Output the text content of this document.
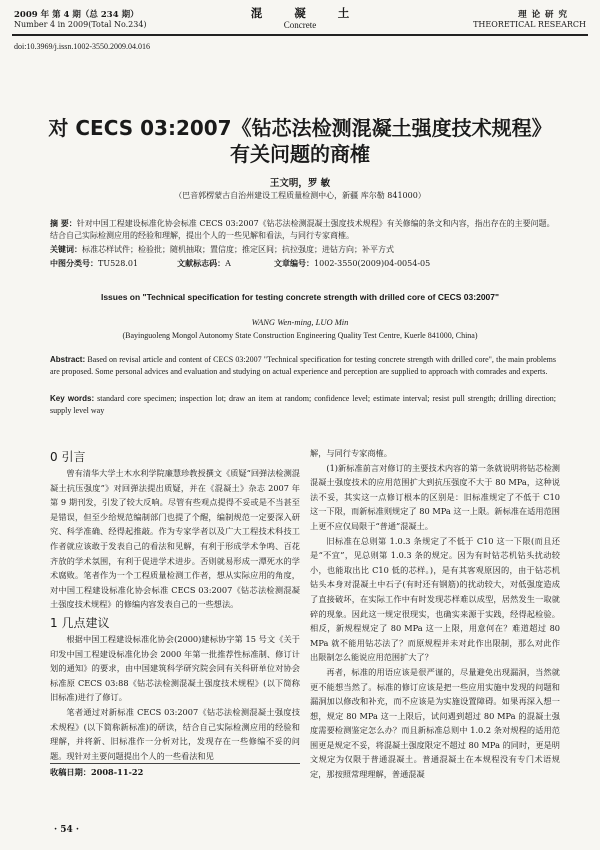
2009 年 第 4 期（总 234 期）
Number 4 in 2009(Total No.234)
混 凝 土
Concrete
理 论 研 究
THEORETICAL RESEARCH
doi:10.3969/j.issn.1002-3550.2009.04.016
对 CECS 03:2007《钻芯法检测混凝土强度技术规程》
有关问题的商榷
王文明，罗 敏
（巴音郭楞蒙古自治州建设工程质量检测中心，新疆 库尔勒 841000）
摘 要：针对中国工程建设标准化协会标准 CECS 03:2007《钻芯法检测混凝土强度技术规程》有关修编的条文和内容，指出存在的主要问题。结合自己实际检测应用的经验和理解，提出个人的一些见解和看法，与同行专家商榷。
关键词：标准芯样试件；检验批；随机抽取；置信度；推定区间；抗拉强度；进钻方向；补平方式
中图分类号：TU528.01	文献标志码：A	文章编号：1002-3550(2009)04-0054-05
Issues on "Technical specification for testing concrete strength with drilled core of CECS 03:2007"
WANG Wen-ming, LUO Min
(Bayinguoleng Mongol Autonomy State Construction Engineering Quality Test Centre, Kuerle 841000, China)
Abstract: Based on revisal article and content of CECS 03:2007 "Technical specification for testing concrete strength with drilled core", the main problems are proposed. Some personal advices and evaluation and studying on actual experience and perception are supplied to approach with comrades and experts.
Key words: standard core specimen; inspection lot; draw an item at random; confidence level; estimate interval; resist pull strength; drilling direction; supply level way
0 引言

曾有清华大学土木水利学院廉慧珍教授撰文《质疑“回弹法检测混凝土抗压强度”》对回弹法提出质疑，并在《混凝土》杂志 2007 年第 9 期刊发，引发了较大反响。尽管有些观点提得不妥或是不当甚至是错误，但至少给规范编制部门也提了个醒，编制规范一定要深入研究、科学准确、经得起推敲。作为专家学者以及广大工程技术科技工作者就应该敢于发表自己的看法和见解，有利于形成学术争鸣、百花齐放的学术氛围，有利于促进学术进步。否则就易形成一潭死水的学术腐败。笔者作为一个工程质量检测工作者，想从实际应用的角度，对中国工程建设标准化协会标准 CECS 03:2007《钻芯法检测混凝土强度技术规程》的修编内容发表自己的一些想法。

1 几点建议

根据中国工程建设标准化协会(2000)建标协字第 15 号文《关于印发中国工程建设标准化协会 2000 年第一批推荐性标准制、修订计划的通知》的要求，由中国建筑科学研究院会同有关科研单位对协会标准原 CECS 03:88《钻芯法检测混凝土强度技术规程》(以下简称旧标准)进行了修订。

笔者通过对新标准 CECS 03:2007《钻芯法检测混凝土强度技术规程》(以下简称新标准)的研读，结合自己实际检测应用的经验和理解，并将新、旧标准作一分析对比，发现存在一些修编不妥的问题。现针对主要问题提出个人的一些看法和见

收稿日期：2008-11-22

解，与同行专家商榷。

(1)新标准前言对修订的主要技术内容的第一条就说明将钻芯检测混凝土强度技术的应用范围扩大到抗压强度不大于 80 MPa，这种说法不妥，其实这一点修订根本的区别是：旧标准规定了不低于 C10 这一下限，而新标准则规定了 80 MPa 这一上限。新标准在适用范围上更不应仅局限于“普通”混凝土。

旧标准在总则第 1.0.3 条规定了不低于 C10 这一下限(而且还是“不宜”，见总则第 1.0.3 条的规定。因为有时钻芯机钻头扰动较小，也能取出比 C10 低的芯样。)，是有其客观原因的，由于钻芯机钻头本身对混凝土中石子(有时还有钢筋)的扰动较大，对低强度造成了直接破坏，在实际工作中有时发现芯样难以成型，居然发生一取就碎的现象。因此这一规定很现实，也确实来源于实践，经得起检验。相反，新规程规定了 80 MPa 这一上限，用意何在？难道超过 80 MPa 就不能用钻芯法了？而原规程并未对此作出限制，那么对此作出限制怎么能说应用范围扩大了？

再者，标准的用语应该是很严谨的，尽量避免出现漏洞，当然就更不能想当然了。标准的修订应该是把一些应用实施中发现的问题和漏洞加以修改和补充，而不应该是为实施设置障碍。如果再深入想一想，规定 80 MPa 这一上限后，试问遇到超过 80 MPa 的混凝土强度需要检测鉴定怎么办？而且新标准总则中 1.0.2 条对规程的适用范围更是规定不妥，将混凝土强度限定不超过 80 MPa 的同时，更是明文规定为仅限于普通混凝土。普通混凝土在本规程没有专门术语规定，那按照常理理解，普通混凝

· 54 ·
